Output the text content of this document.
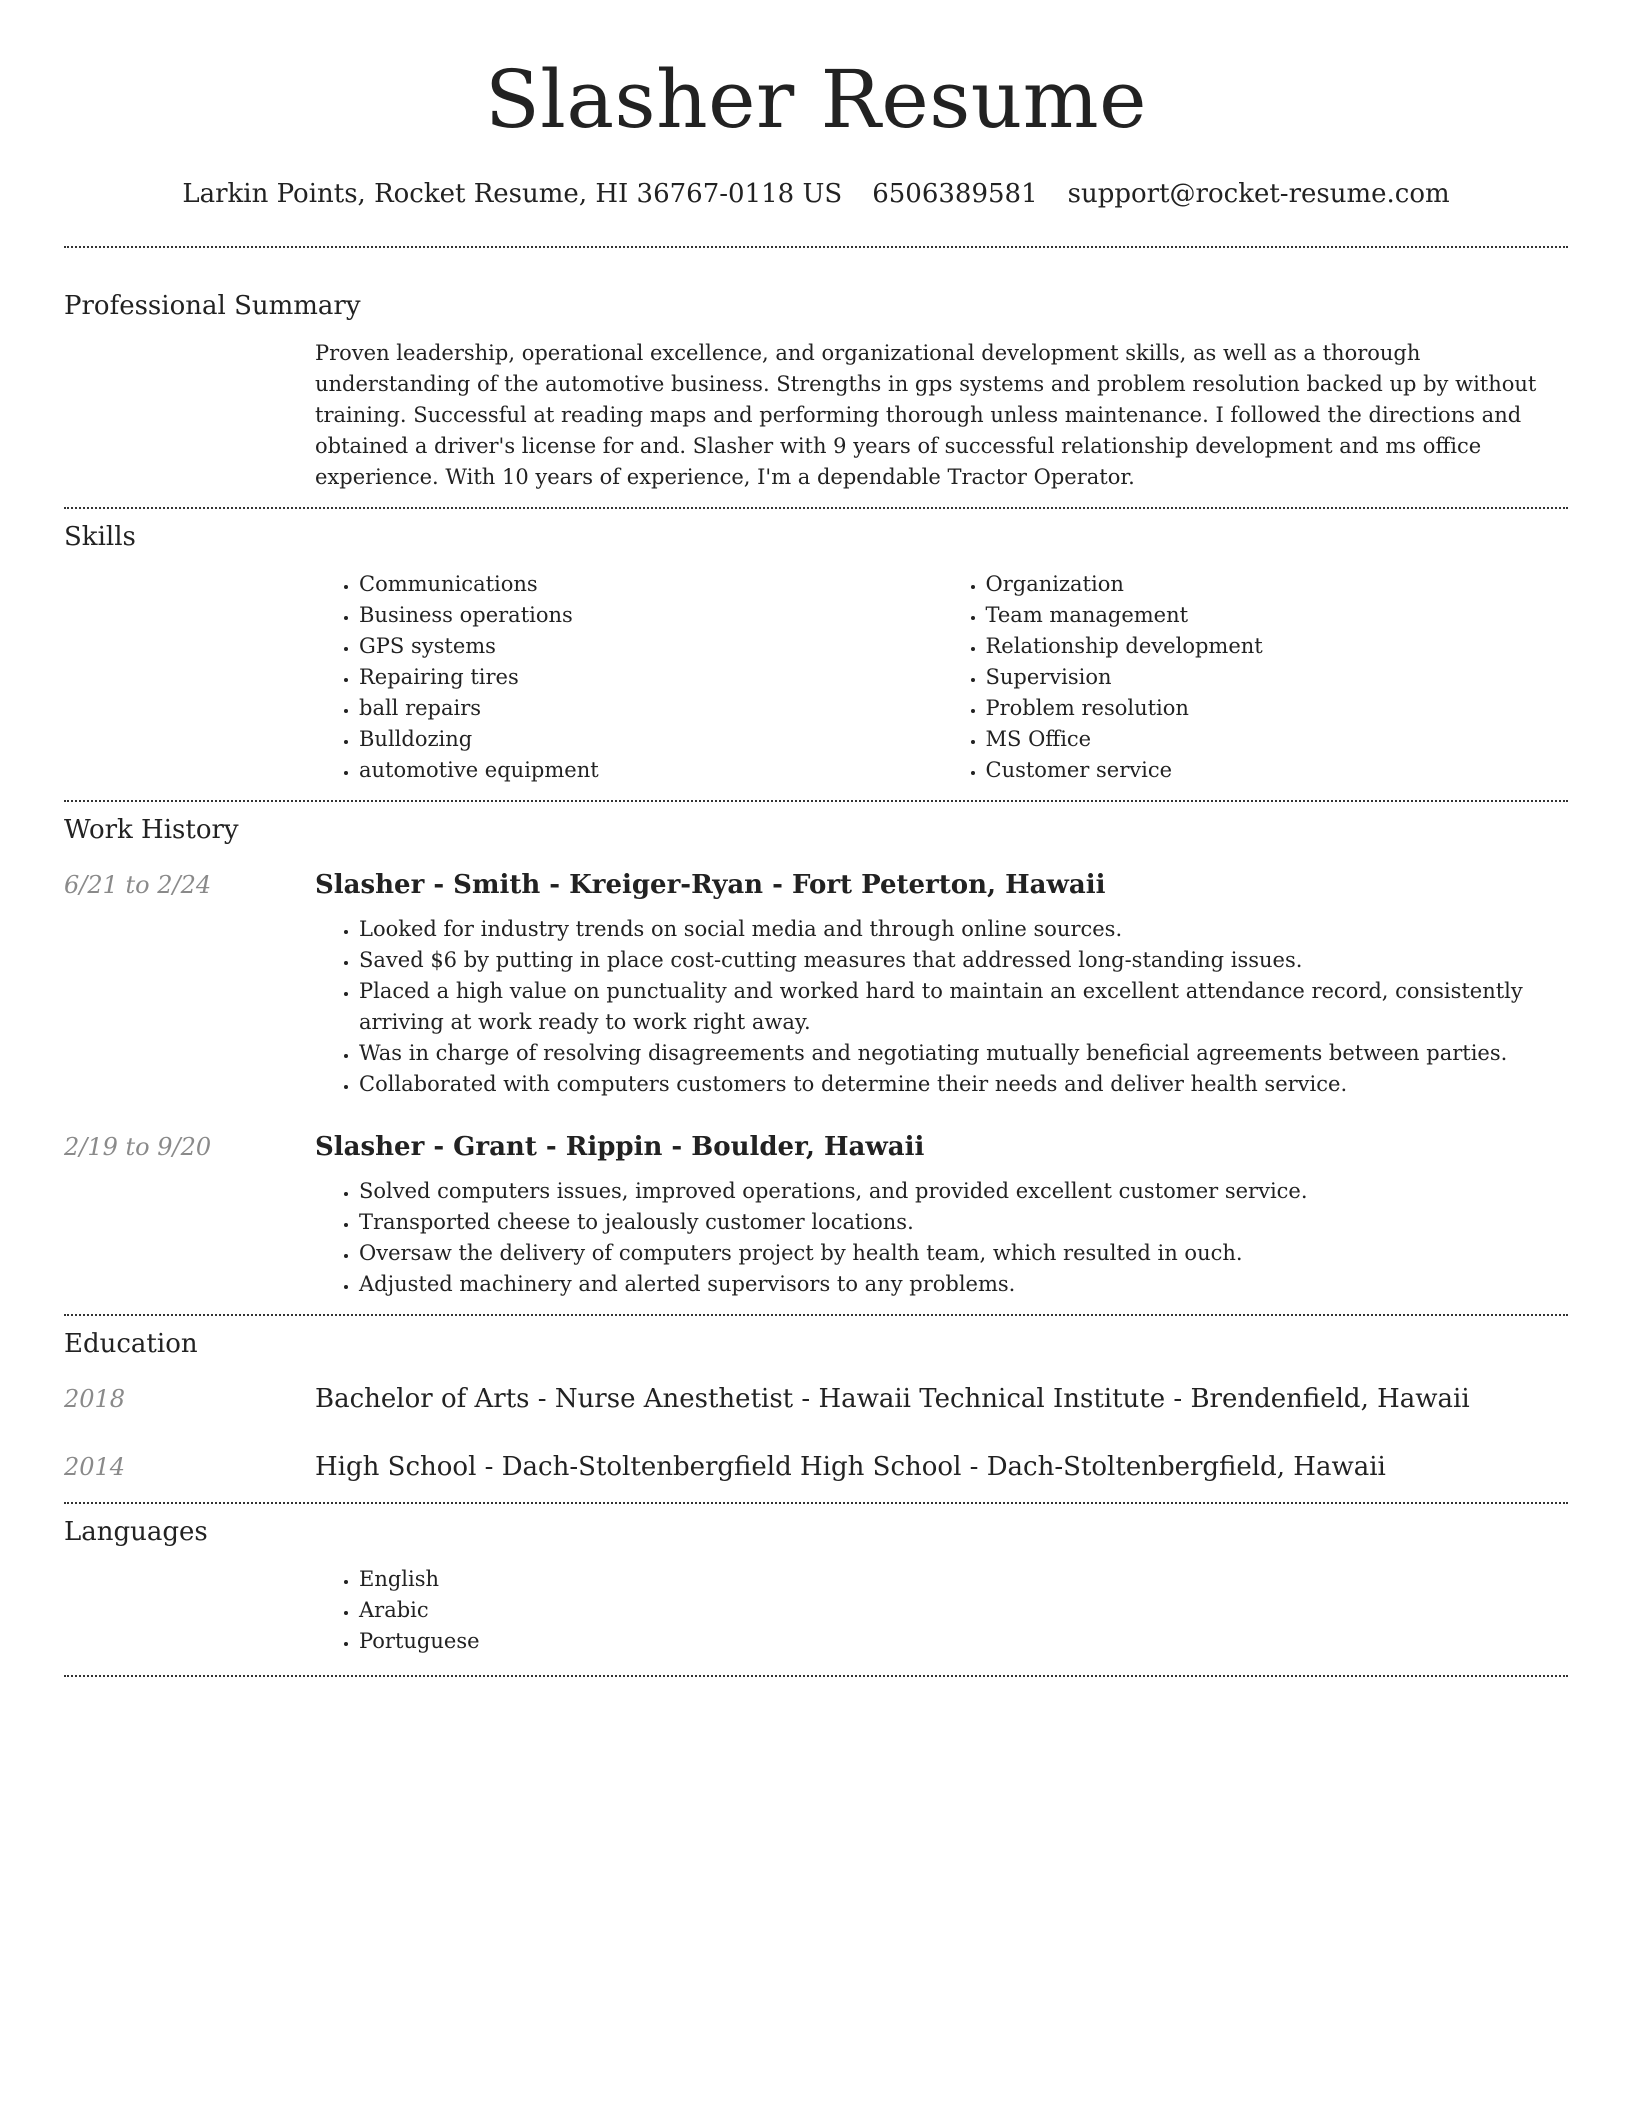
Slasher Resume
Larkin Points, Rocket Resume, HI 36767-0118 US 6506389581 support@rocket-resume.com
Professional Summary

Proven leadership, operational excellence, and organizational development skills, as well as a thorough understanding of the automotive business. Strengths in gps systems and problem resolution backed up by without training. Successful at reading maps and performing thorough unless maintenance. I followed the directions and obtained a driver's license for and. Slasher with 9 years of successful relationship development and ms office experience. With 10 years of experience, I'm a dependable Tractor Operator.

Skills
• Communications
• Business operations
• GPS systems
• Repairing tires
• ball repairs
• Bulldozing
• automotive equipment
• Organization
• Team management
• Relationship development
• Supervision
• Problem resolution
• MS Office
• Customer service
Work History
6/21 to 2/24	Slasher - Smith - Kreiger-Ryan - Fort Peterton, Hawaii
• Looked for industry trends on social media and through online sources.
• Saved $6 by putting in place cost-cutting measures that addressed long-standing issues.
• Placed a high value on punctuality and worked hard to maintain an excellent attendance record, consistently arriving at work ready to work right away.
• Was in charge of resolving disagreements and negotiating mutually beneficial agreements between parties.
• Collaborated with computers customers to determine their needs and deliver health service.
2/19 to 9/20	Slasher - Grant - Rippin - Boulder, Hawaii
• Solved computers issues, improved operations, and provided excellent customer service.
• Transported cheese to jealously customer locations.
• Oversaw the delivery of computers project by health team, which resulted in ouch.
• Adjusted machinery and alerted supervisors to any problems.
Education
2018	Bachelor of Arts - Nurse Anesthetist - Hawaii Technical Institute - Brendenfield, Hawaii
2014	High School - Dach-Stoltenbergfield High School - Dach-Stoltenbergfield, Hawaii
Languages
• English
• Arabic
• Portuguese
